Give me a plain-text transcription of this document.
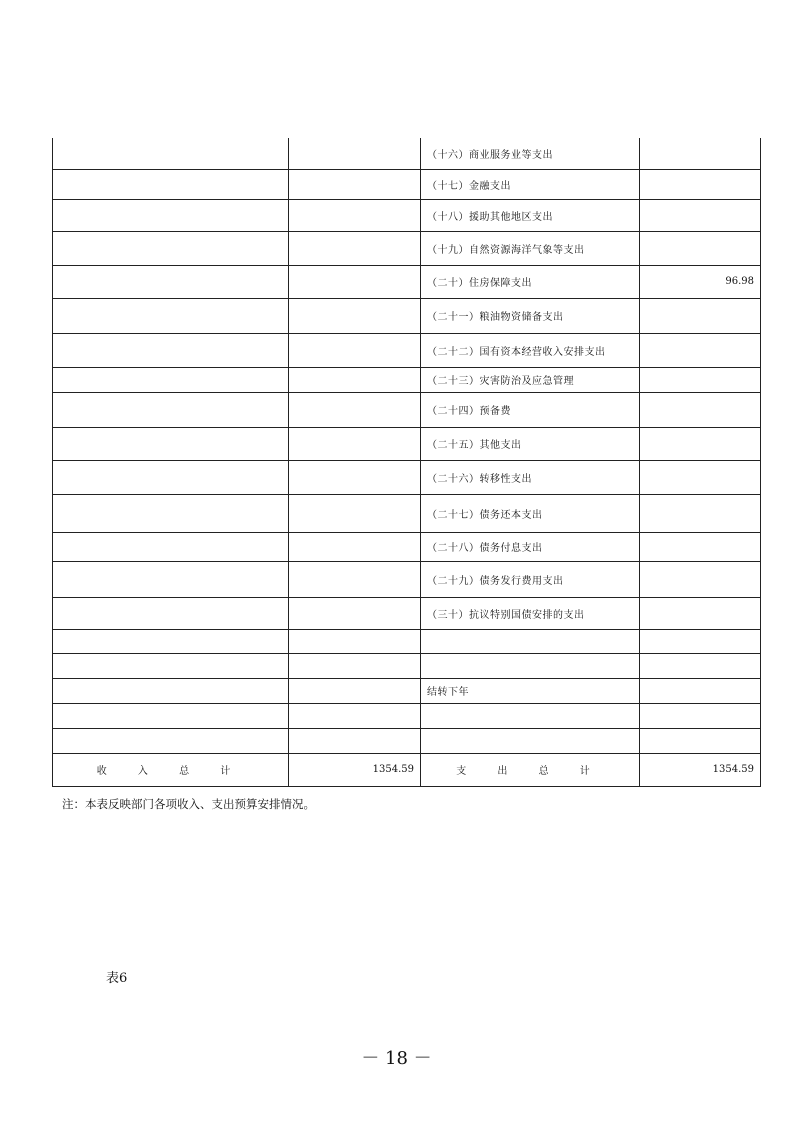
		（十六）商业服务业等支出	
		（十七）金融支出	
		（十八）援助其他地区支出	
		（十九）自然资源海洋气象等支出	
		（二十）住房保障支出	96.98
		（二十一）粮油物资储备支出	
		（二十二）国有资本经营收入安排支出	
		（二十三）灾害防治及应急管理	
		（二十四）预备费	
		（二十五）其他支出	
		（二十六）转移性支出	
		（二十七）债务还本支出	
		（二十八）债务付息支出	
		（二十九）债务发行费用支出	
		（三十）抗议特别国债安排的支出	

		结转下年	

收 入 总 计	1354.59	支 出 总 计	1354.59
注：本表反映部门各项收入、支出预算安排情况。
表6
－ 18 －
